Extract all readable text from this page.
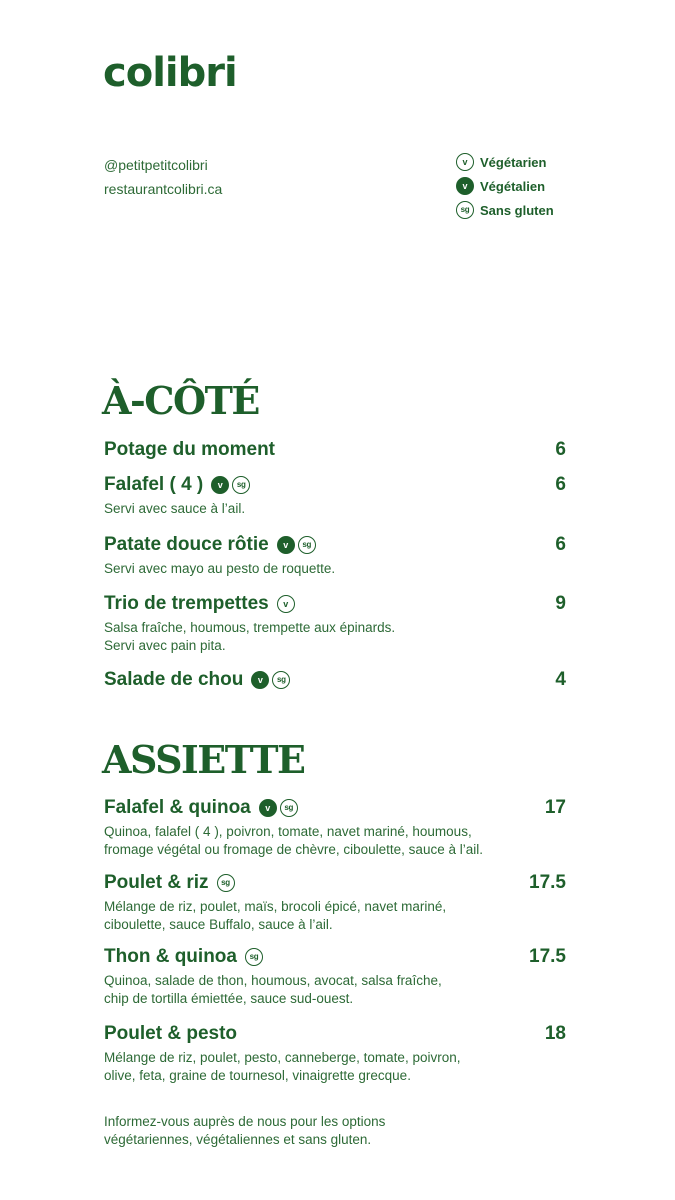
colibri
@petitpetitcolibri
restaurantcolibri.ca
v Végétarien
v Végétalien
sg Sans gluten
À-CÔTÉ
Potage du moment	6
Falafel ( 4 )	v	sg	6
Servi avec sauce à l’ail.
Patate douce rôtie	v	sg	6
Servi avec mayo au pesto de roquette.
Trio de trempettes	v	9
Salsa fraîche, houmous, trempette aux épinards.
Servi avec pain pita.
Salade de chou	v	sg	4
ASSIETTE
Falafel & quinoa	v	sg	17
Quinoa, falafel ( 4 ), poivron, tomate, navet mariné, houmous,
fromage végétal ou fromage de chèvre, ciboulette, sauce à l’ail.
Poulet & riz	sg	17.5
Mélange de riz, poulet, maïs, brocoli épicé, navet mariné,
ciboulette, sauce Buffalo, sauce à l’ail.
Thon & quinoa	sg	17.5
Quinoa, salade de thon, houmous, avocat, salsa fraîche,
chip de tortilla émiettée, sauce sud-ouest.
Poulet & pesto	18
Mélange de riz, poulet, pesto, canneberge, tomate, poivron,
olive, feta, graine de tournesol, vinaigrette grecque.
Informez-vous auprès de nous pour les options
végétariennes, végétaliennes et sans gluten.
